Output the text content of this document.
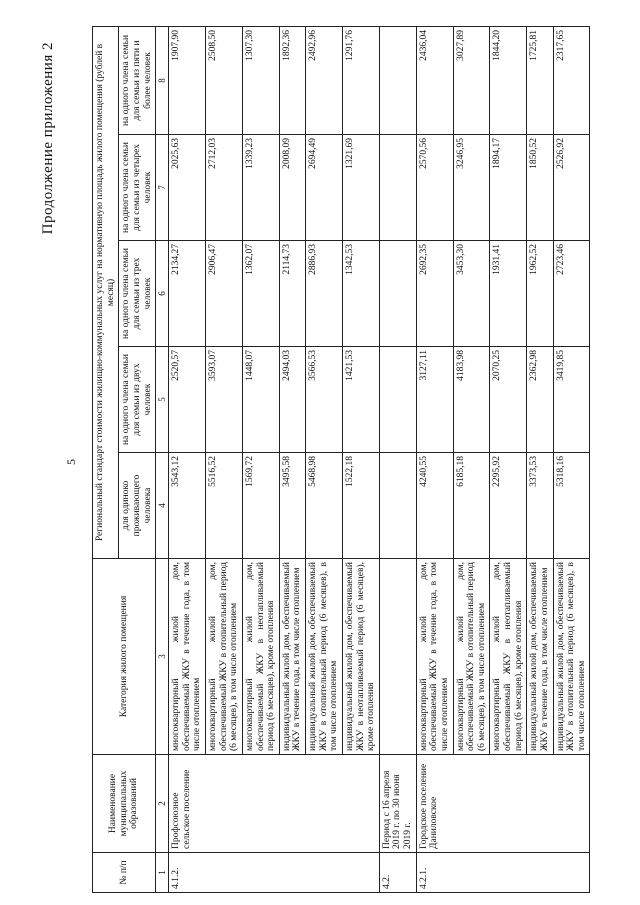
5
Продолжение приложения 2
№ п/п	Наименование муниципальных образований	Категория жилого помещения	Региональный стандарт стоимости жилищно-коммунальных услуг на нормативную площадь жилого помещения (рублей в месяц)				
			для одиноко проживающего человека	на одного члена семьи для семьи из двух человек	на одного члена семьи для семьи из трех человек	на одного члена семьи для семьи из четырех человек	на одного члена семьи для семьи из пяти и более человек
1	2	3	4	5	6	7	8
4.1.2.	Профсоюзное сельское поселение	многоквартирный жилой дом, обеспечиваемый ЖКУ в течение года, в том числе отоплением	3543,12	2520,57	2134,27	2025,63	1907,90
		многоквартирный жилой дом, обеспечиваемый ЖКУ в отопительный период (6 месяцев), в том числе отоплением	5516,52	3593,07	2906,47	2712,03	2508,50
		многоквартирный жилой дом, обеспечиваемый ЖКУ в неотапливаемый период (6 месяцев), кроме отопления	1569,72	1448,07	1362,07	1339,23	1307,30
		индивидуальный жилой дом, обеспечиваемый ЖКУ в течение года, в том числе отоплением	3495,58	2494,03	2114,73	2008,09	1892,36
		индивидуальный жилой дом, обеспечиваемый ЖКУ в отопительный период (6 месяцев), в том числе отоплением	5468,98	3566,53	2886,93	2694,49	2492,96
		индивидуальный жилой дом, обеспечиваемый ЖКУ в неотапливаемый период (6 месяцев), кроме отопления	1522,18	1421,53	1342,53	1321,69	1291,76
4.2.	Период с 16 апреля 2019 г. по 30 июня 2019 г.						
4.2.1.	Городское поселение Даниловское	многоквартирный жилой дом, обеспечиваемый ЖКУ в течение года, в том числе отоплением	4240,55	3127,11	2692,35	2570,56	2436,04
		многоквартирный жилой дом, обеспечиваемый ЖКУ в отопительный период (6 месяцев), в том числе отоплением	6185,18	4183,98	3453,30	3246,95	3027,89
		многоквартирный жилой дом, обеспечиваемый ЖКУ в неотапливаемый период (6 месяцев), кроме отопления	2295,92	2070,25	1931,41	1894,17	1844,20
		индивидуальный жилой дом, обеспечиваемый ЖКУ в течение года, в том числе отоплением	3373,53	2362,98	1962,52	1850,52	1725,81
		индивидуальный жилой дом, обеспечиваемый ЖКУ в отопительный период (6 месяцев), в том числе отоплением	5318,16	3419,85	2723,46	2526,92	2317,65
